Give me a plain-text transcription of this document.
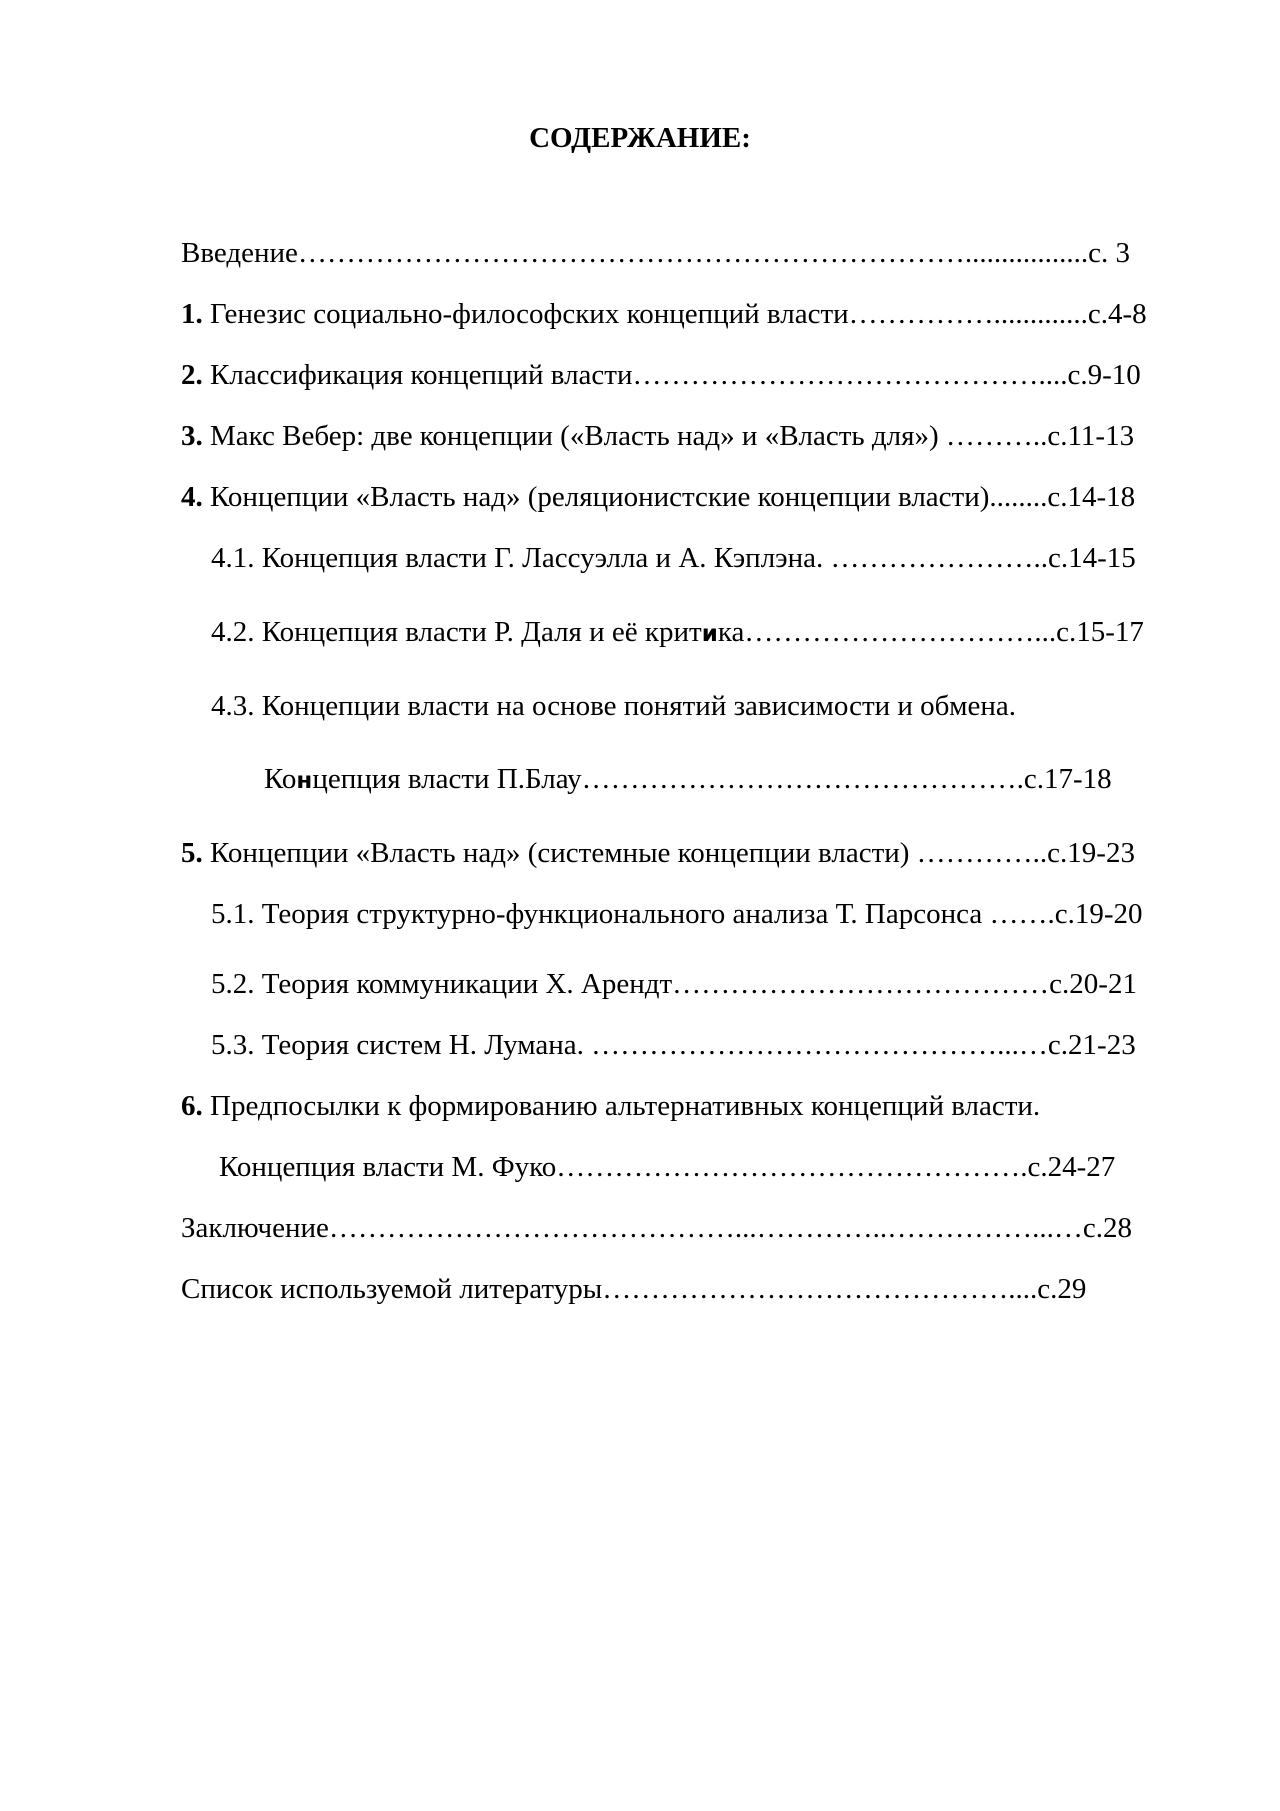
СОДЕРЖАНИЕ:
Введение…………………………………………………………….................с. 3
1. Генезис социально-философских концепций власти…………….............с.4-8
2. Классификация концепций власти……………………………………....с.9-10
3. Макс Вебер: две концепции («Власть над» и «Власть для») ………..с.11-13
4. Концепции «Власть над» (реляционистские концепции власти)........с.14-18
4.1. Концепция власти Г. Лассуэлла и А. Кэплэна. …………………..с.14-15
4.2. Концепция власти Р. Даля и её критика…………………………...с.15-17
4.3. Концепции власти на основе понятий зависимости и обмена.
Концепция власти П.Блау……………………………………….с.17-18
5. Концепции «Власть над» (системные концепции власти) …………..с.19-23
5.1. Теория структурно-функционального анализа Т. Парсонса …….с.19-20
5.2. Теория коммуникации Х. Арендт…………………………………с.20-21
5.3. Теория систем Н. Лумана. ……………………………………...…с.21-23
6. Предпосылки к формированию альтернативных концепций власти.
Концепция власти М. Фуко………………………………………….с.24-27
Заключение……………………………………...…………..……………...…с.28
Список используемой литературы……………………………………....с.29
